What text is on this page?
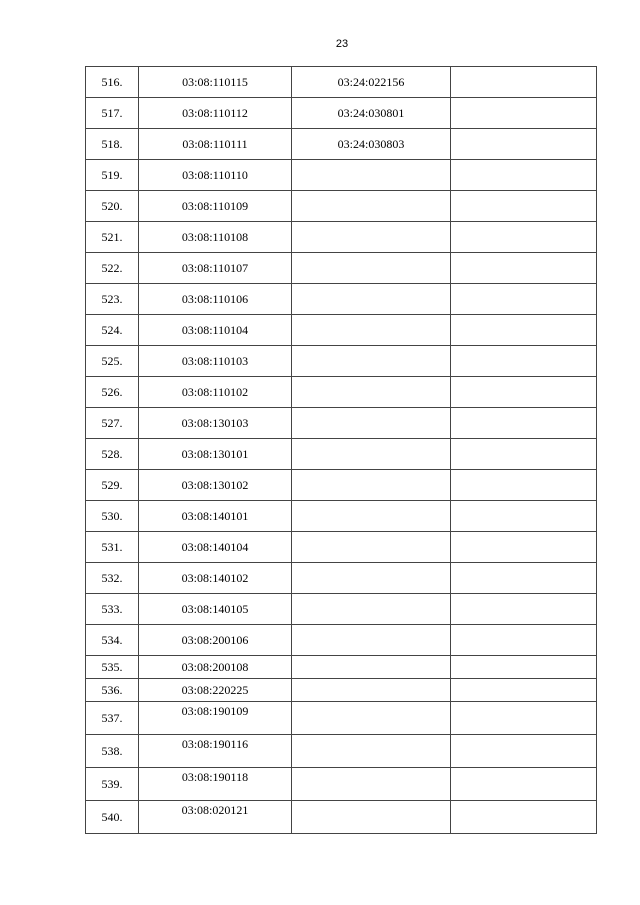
23
516.	03:08:110115	03:24:022156	
517.	03:08:110112	03:24:030801	
518.	03:08:110111	03:24:030803	
519.	03:08:110110		
520.	03:08:110109		
521.	03:08:110108		
522.	03:08:110107		
523.	03:08:110106		
524.	03:08:110104		
525.	03:08:110103		
526.	03:08:110102		
527.	03:08:130103		
528.	03:08:130101		
529.	03:08:130102		
530.	03:08:140101		
531.	03:08:140104		
532.	03:08:140102		
533.	03:08:140105		
534.	03:08:200106		
535.	03:08:200108		
536.	03:08:220225		
537.	03:08:190109		
538.	03:08:190116		
539.	03:08:190118		
540.	03:08:020121		
